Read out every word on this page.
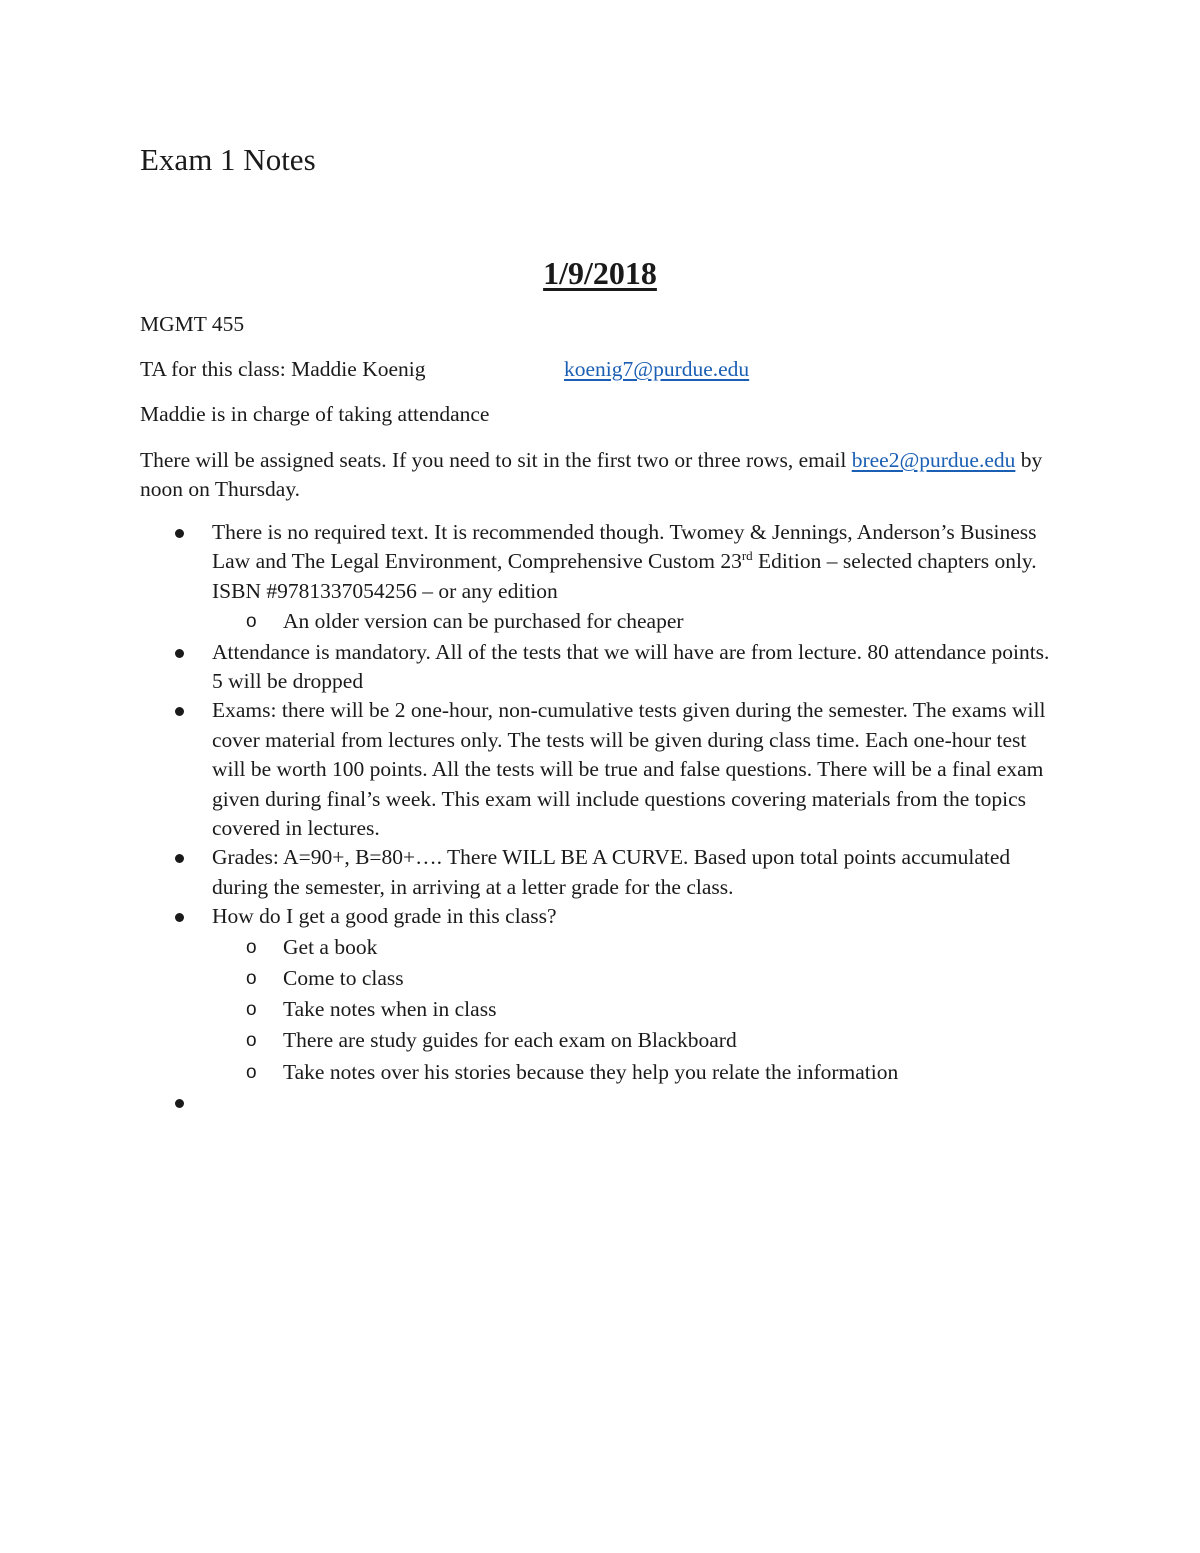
Exam 1 Notes
1/9/2018

MGMT 455

TA for this class: Maddie Koenig	koenig7@purdue.edu

Maddie is in charge of taking attendance

There will be assigned seats. If you need to sit in the first two or three rows, email bree2@purdue.edu by noon on Thursday.

There is no required text. It is recommended though. Twomey & Jennings, Anderson’s Business Law and The Legal Environment, Comprehensive Custom 23rd Edition – selected chapters only. ISBN #9781337054256 – or any edition
o An older version can be purchased for cheaper
Attendance is mandatory. All of the tests that we will have are from lecture. 80 attendance points. 5 will be dropped
Exams: there will be 2 one-hour, non-cumulative tests given during the semester. The exams will cover material from lectures only. The tests will be given during class time. Each one-hour test will be worth 100 points. All the tests will be true and false questions. There will be a final exam given during final’s week. This exam will include questions covering materials from the topics covered in lectures.
Grades: A=90+, B=80+…. There WILL BE A CURVE. Based upon total points accumulated during the semester, in arriving at a letter grade for the class.
How do I get a good grade in this class?
o Get a book
o Come to class
o Take notes when in class
o There are study guides for each exam on Blackboard
o Take notes over his stories because they help you relate the information
